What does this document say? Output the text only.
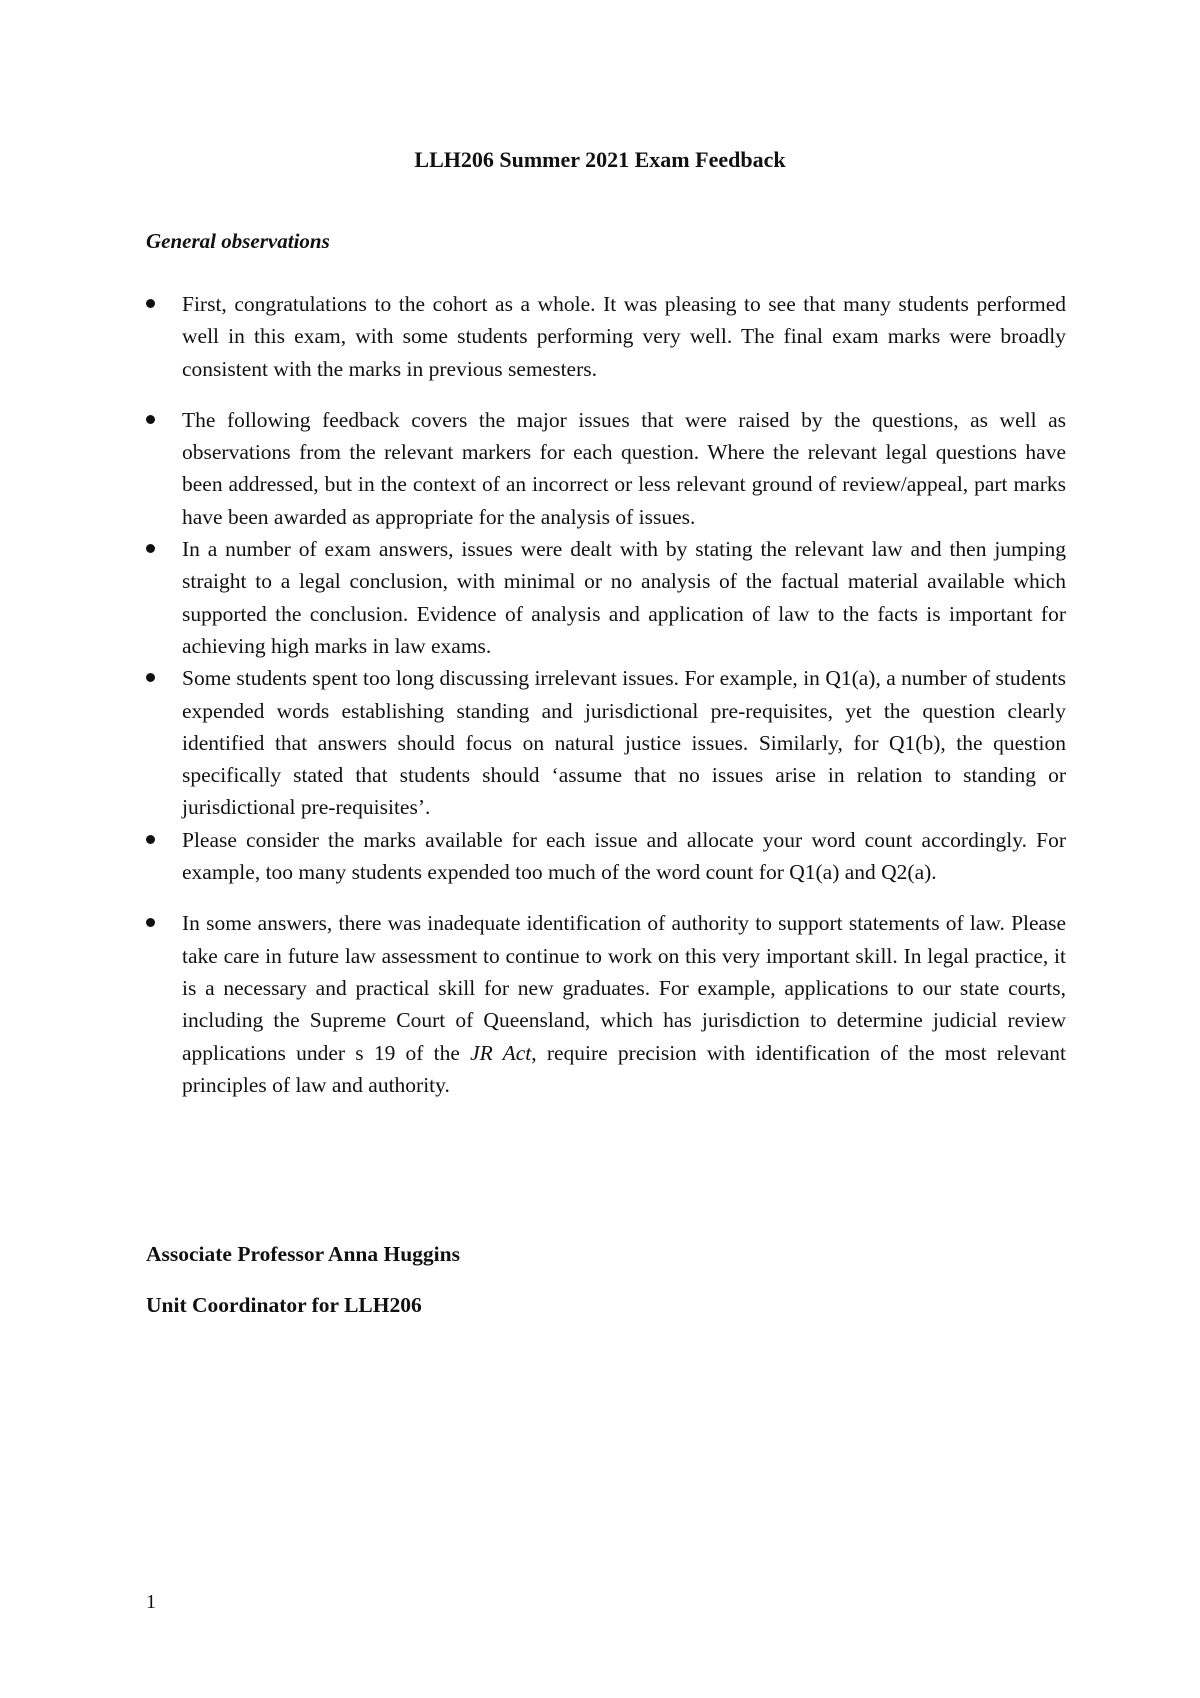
LLH206 Summer 2021 Exam Feedback
General observations
First, congratulations to the cohort as a whole. It was pleasing to see that many students performed well in this exam, with some students performing very well. The final exam marks were broadly consistent with the marks in previous semesters.
The following feedback covers the major issues that were raised by the questions, as well as observations from the relevant markers for each question. Where the relevant legal questions have been addressed, but in the context of an incorrect or less relevant ground of review/appeal, part marks have been awarded as appropriate for the analysis of issues.
In a number of exam answers, issues were dealt with by stating the relevant law and then jumping straight to a legal conclusion, with minimal or no analysis of the factual material available which supported the conclusion. Evidence of analysis and application of law to the facts is important for achieving high marks in law exams.
Some students spent too long discussing irrelevant issues. For example, in Q1(a), a number of students expended words establishing standing and jurisdictional pre-requisites, yet the question clearly identified that answers should focus on natural justice issues. Similarly, for Q1(b), the question specifically stated that students should ‘assume that no issues arise in relation to standing or jurisdictional pre-requisites’.
Please consider the marks available for each issue and allocate your word count accordingly. For example, too many students expended too much of the word count for Q1(a) and Q2(a).
In some answers, there was inadequate identification of authority to support statements of law. Please take care in future law assessment to continue to work on this very important skill. In legal practice, it is a necessary and practical skill for new graduates. For example, applications to our state courts, including the Supreme Court of Queensland, which has jurisdiction to determine judicial review applications under s 19 of the JR Act, require precision with identification of the most relevant principles of law and authority.
Associate Professor Anna Huggins
Unit Coordinator for LLH206
1
